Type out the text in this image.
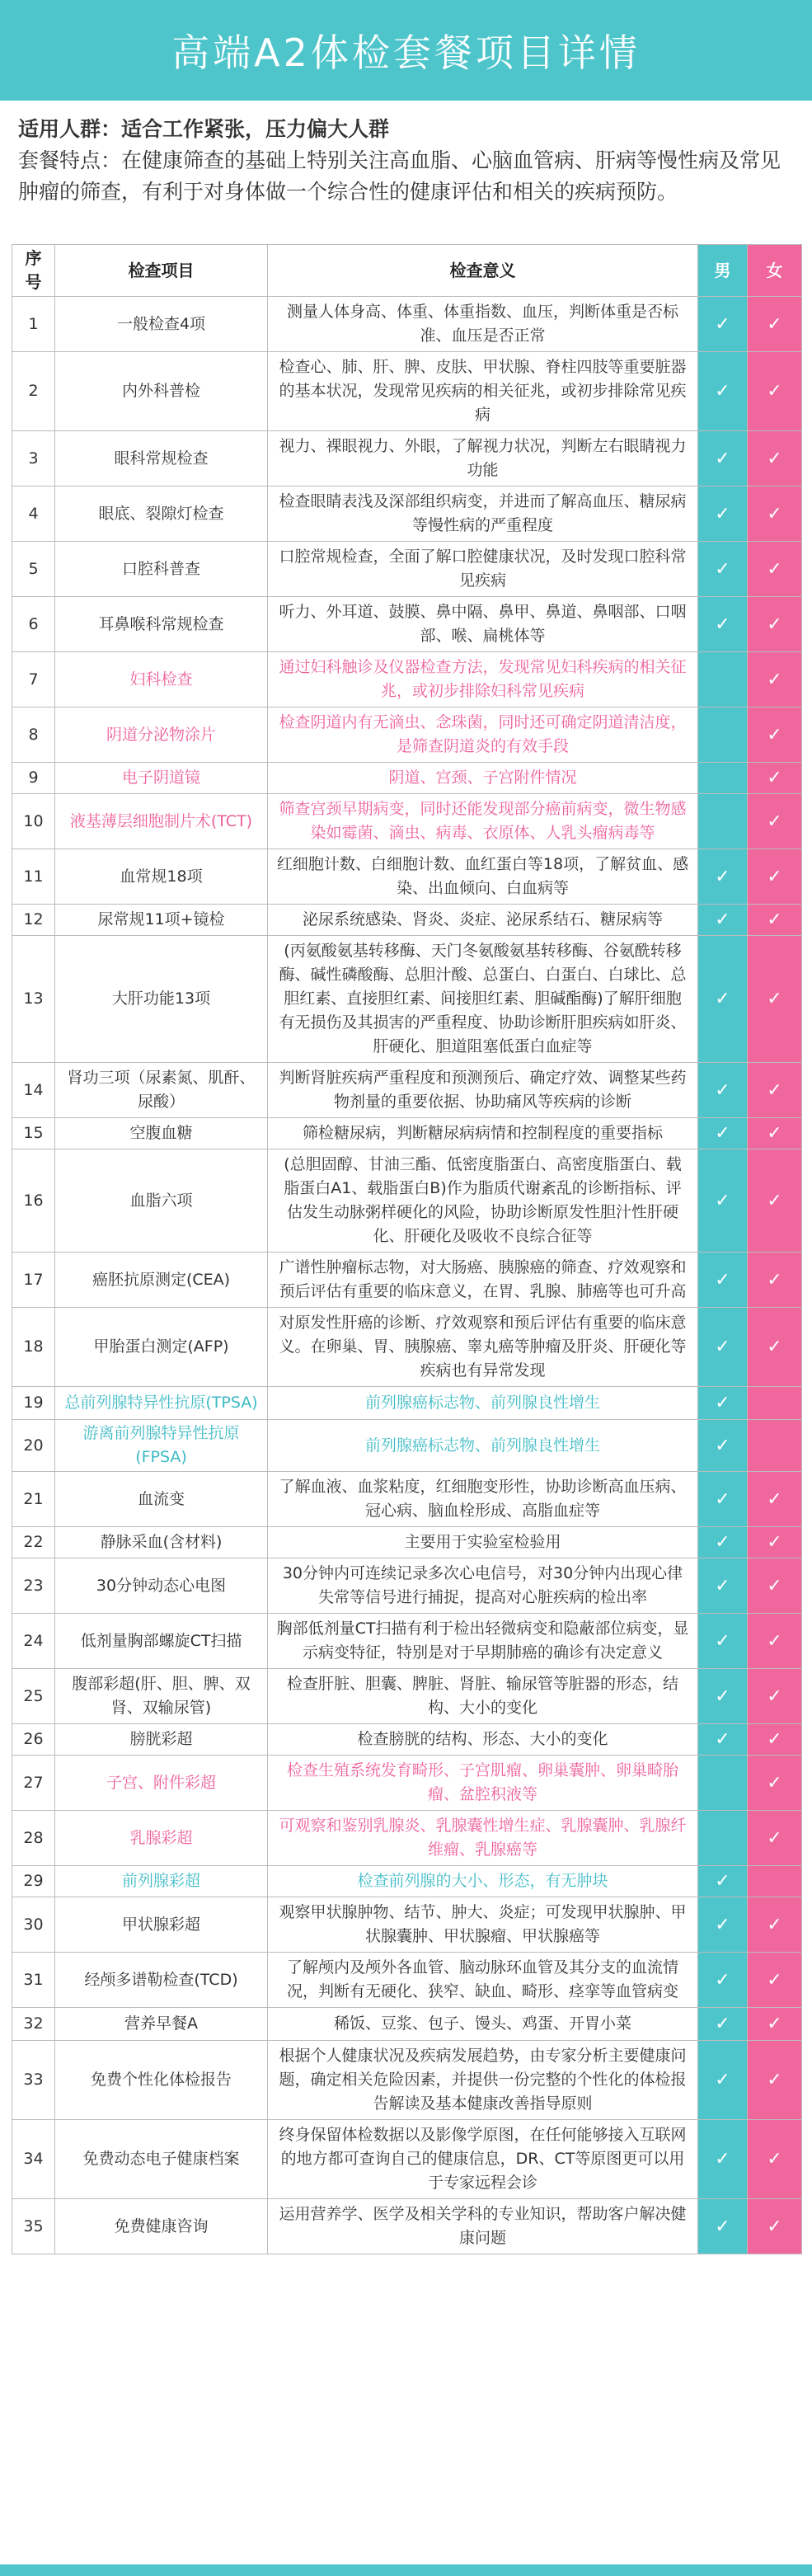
高端A2体检套餐项目详情

适用人群：适合工作紧张，压力偏大人群

套餐特点：在健康筛查的基础上特别关注高血脂、心脑血管病、肝病等慢性病及常见肿瘤的筛查，有利于对身体做一个综合性的健康评估和相关的疾病预防。

序号	检查项目	检查意义	男	女
1	一般检查4项	测量人体身高、体重、体重指数、血压，判断体重是否标准、血压是否正常	✓	✓
2	内外科普检	检查心、肺、肝、脾、皮肤、甲状腺、脊柱四肢等重要脏器的基本状况，发现常见疾病的相关征兆，或初步排除常见疾病	✓	✓
3	眼科常规检查	视力、裸眼视力、外眼，了解视力状况，判断左右眼睛视力功能	✓	✓
4	眼底、裂隙灯检查	检查眼睛表浅及深部组织病变，并进而了解高血压、糖尿病等慢性病的严重程度	✓	✓
5	口腔科普查	口腔常规检查，全面了解口腔健康状况，及时发现口腔科常见疾病	✓	✓
6	耳鼻喉科常规检查	听力、外耳道、鼓膜、鼻中隔、鼻甲、鼻道、鼻咽部、口咽部、喉、扁桃体等	✓	✓
7	妇科检查	通过妇科触诊及仪器检查方法，发现常见妇科疾病的相关征兆，或初步排除妇科常见疾病		✓
8	阴道分泌物涂片	检查阴道内有无滴虫、念珠菌，同时还可确定阴道清洁度，是筛查阴道炎的有效手段		✓
9	电子阴道镜	阴道、宫颈、子宫附件情况		✓
10	液基薄层细胞制片术(TCT)	筛查宫颈早期病变，同时还能发现部分癌前病变，微生物感染如霉菌、滴虫、病毒、衣原体、人乳头瘤病毒等		✓
11	血常规18项	红细胞计数、白细胞计数、血红蛋白等18项，了解贫血、感染、出血倾向、白血病等	✓	✓
12	尿常规11项+镜检	泌尿系统感染、肾炎、炎症、泌尿系结石、糖尿病等	✓	✓
13	大肝功能13项	(丙氨酸氨基转移酶、天门冬氨酸氨基转移酶、谷氨酰转移酶、碱性磷酸酶、总胆汁酸、总蛋白、白蛋白、白球比、总胆红素、直接胆红素、间接胆红素、胆碱酯酶)了解肝细胞有无损伤及其损害的严重程度、协助诊断肝胆疾病如肝炎、肝硬化、胆道阻塞低蛋白血症等	✓	✓
14	肾功三项（尿素氮、肌酐、尿酸）	判断肾脏疾病严重程度和预测预后、确定疗效、调整某些药物剂量的重要依据、协助痛风等疾病的诊断	✓	✓
15	空腹血糖	筛检糖尿病，判断糖尿病病情和控制程度的重要指标	✓	✓
16	血脂六项	(总胆固醇、甘油三酯、低密度脂蛋白、高密度脂蛋白、载脂蛋白A1、载脂蛋白B)作为脂质代谢紊乱的诊断指标、评估发生动脉粥样硬化的风险，协助诊断原发性胆汁性肝硬化、肝硬化及吸收不良综合征等	✓	✓
17	癌胚抗原测定(CEA)	广谱性肿瘤标志物，对大肠癌、胰腺癌的筛查、疗效观察和预后评估有重要的临床意义，在胃、乳腺、肺癌等也可升高	✓	✓
18	甲胎蛋白测定(AFP)	对原发性肝癌的诊断、疗效观察和预后评估有重要的临床意义。在卵巢、胃、胰腺癌、睾丸癌等肿瘤及肝炎、肝硬化等疾病也有异常发现	✓	✓
19	总前列腺特异性抗原(TPSA)	前列腺癌标志物、前列腺良性增生	✓	
20	游离前列腺特异性抗原(FPSA)	前列腺癌标志物、前列腺良性增生	✓	
21	血流变	了解血液、血浆粘度，红细胞变形性，协助诊断高血压病、冠心病、脑血栓形成、高脂血症等	✓	✓
22	静脉采血(含材料)	主要用于实验室检验用	✓	✓
23	30分钟动态心电图	30分钟内可连续记录多次心电信号，对30分钟内出现心律失常等信号进行捕捉，提高对心脏疾病的检出率	✓	✓
24	低剂量胸部螺旋CT扫描	胸部低剂量CT扫描有利于检出轻微病变和隐蔽部位病变，显示病变特征，特别是对于早期肺癌的确诊有决定意义	✓	✓
25	腹部彩超(肝、胆、脾、双肾、双输尿管)	检查肝脏、胆囊、脾脏、肾脏、输尿管等脏器的形态，结构、大小的变化	✓	✓
26	膀胱彩超	检查膀胱的结构、形态、大小的变化	✓	✓
27	子宫、附件彩超	检查生殖系统发育畸形、子宫肌瘤、卵巢囊肿、卵巢畸胎瘤、盆腔积液等		✓
28	乳腺彩超	可观察和鉴别乳腺炎、乳腺囊性增生症、乳腺囊肿、乳腺纤维瘤、乳腺癌等		✓
29	前列腺彩超	检查前列腺的大小、形态，有无肿块	✓	
30	甲状腺彩超	观察甲状腺肿物、结节、肿大、炎症；可发现甲状腺肿、甲状腺囊肿、甲状腺瘤、甲状腺癌等	✓	✓
31	经颅多谱勒检查(TCD)	了解颅内及颅外各血管、脑动脉环血管及其分支的血流情况，判断有无硬化、狭窄、缺血、畸形、痉挛等血管病变	✓	✓
32	营养早餐A	稀饭、豆浆、包子、馒头、鸡蛋、开胃小菜	✓	✓
33	免费个性化体检报告	根据个人健康状况及疾病发展趋势，由专家分析主要健康问题，确定相关危险因素，并提供一份完整的个性化的体检报告解读及基本健康改善指导原则	✓	✓
34	免费动态电子健康档案	终身保留体检数据以及影像学原图，在任何能够接入互联网的地方都可查询自己的健康信息，DR、CT等原图更可以用于专家远程会诊	✓	✓
35	免费健康咨询	运用营养学、医学及相关学科的专业知识，帮助客户解决健康问题	✓	✓
